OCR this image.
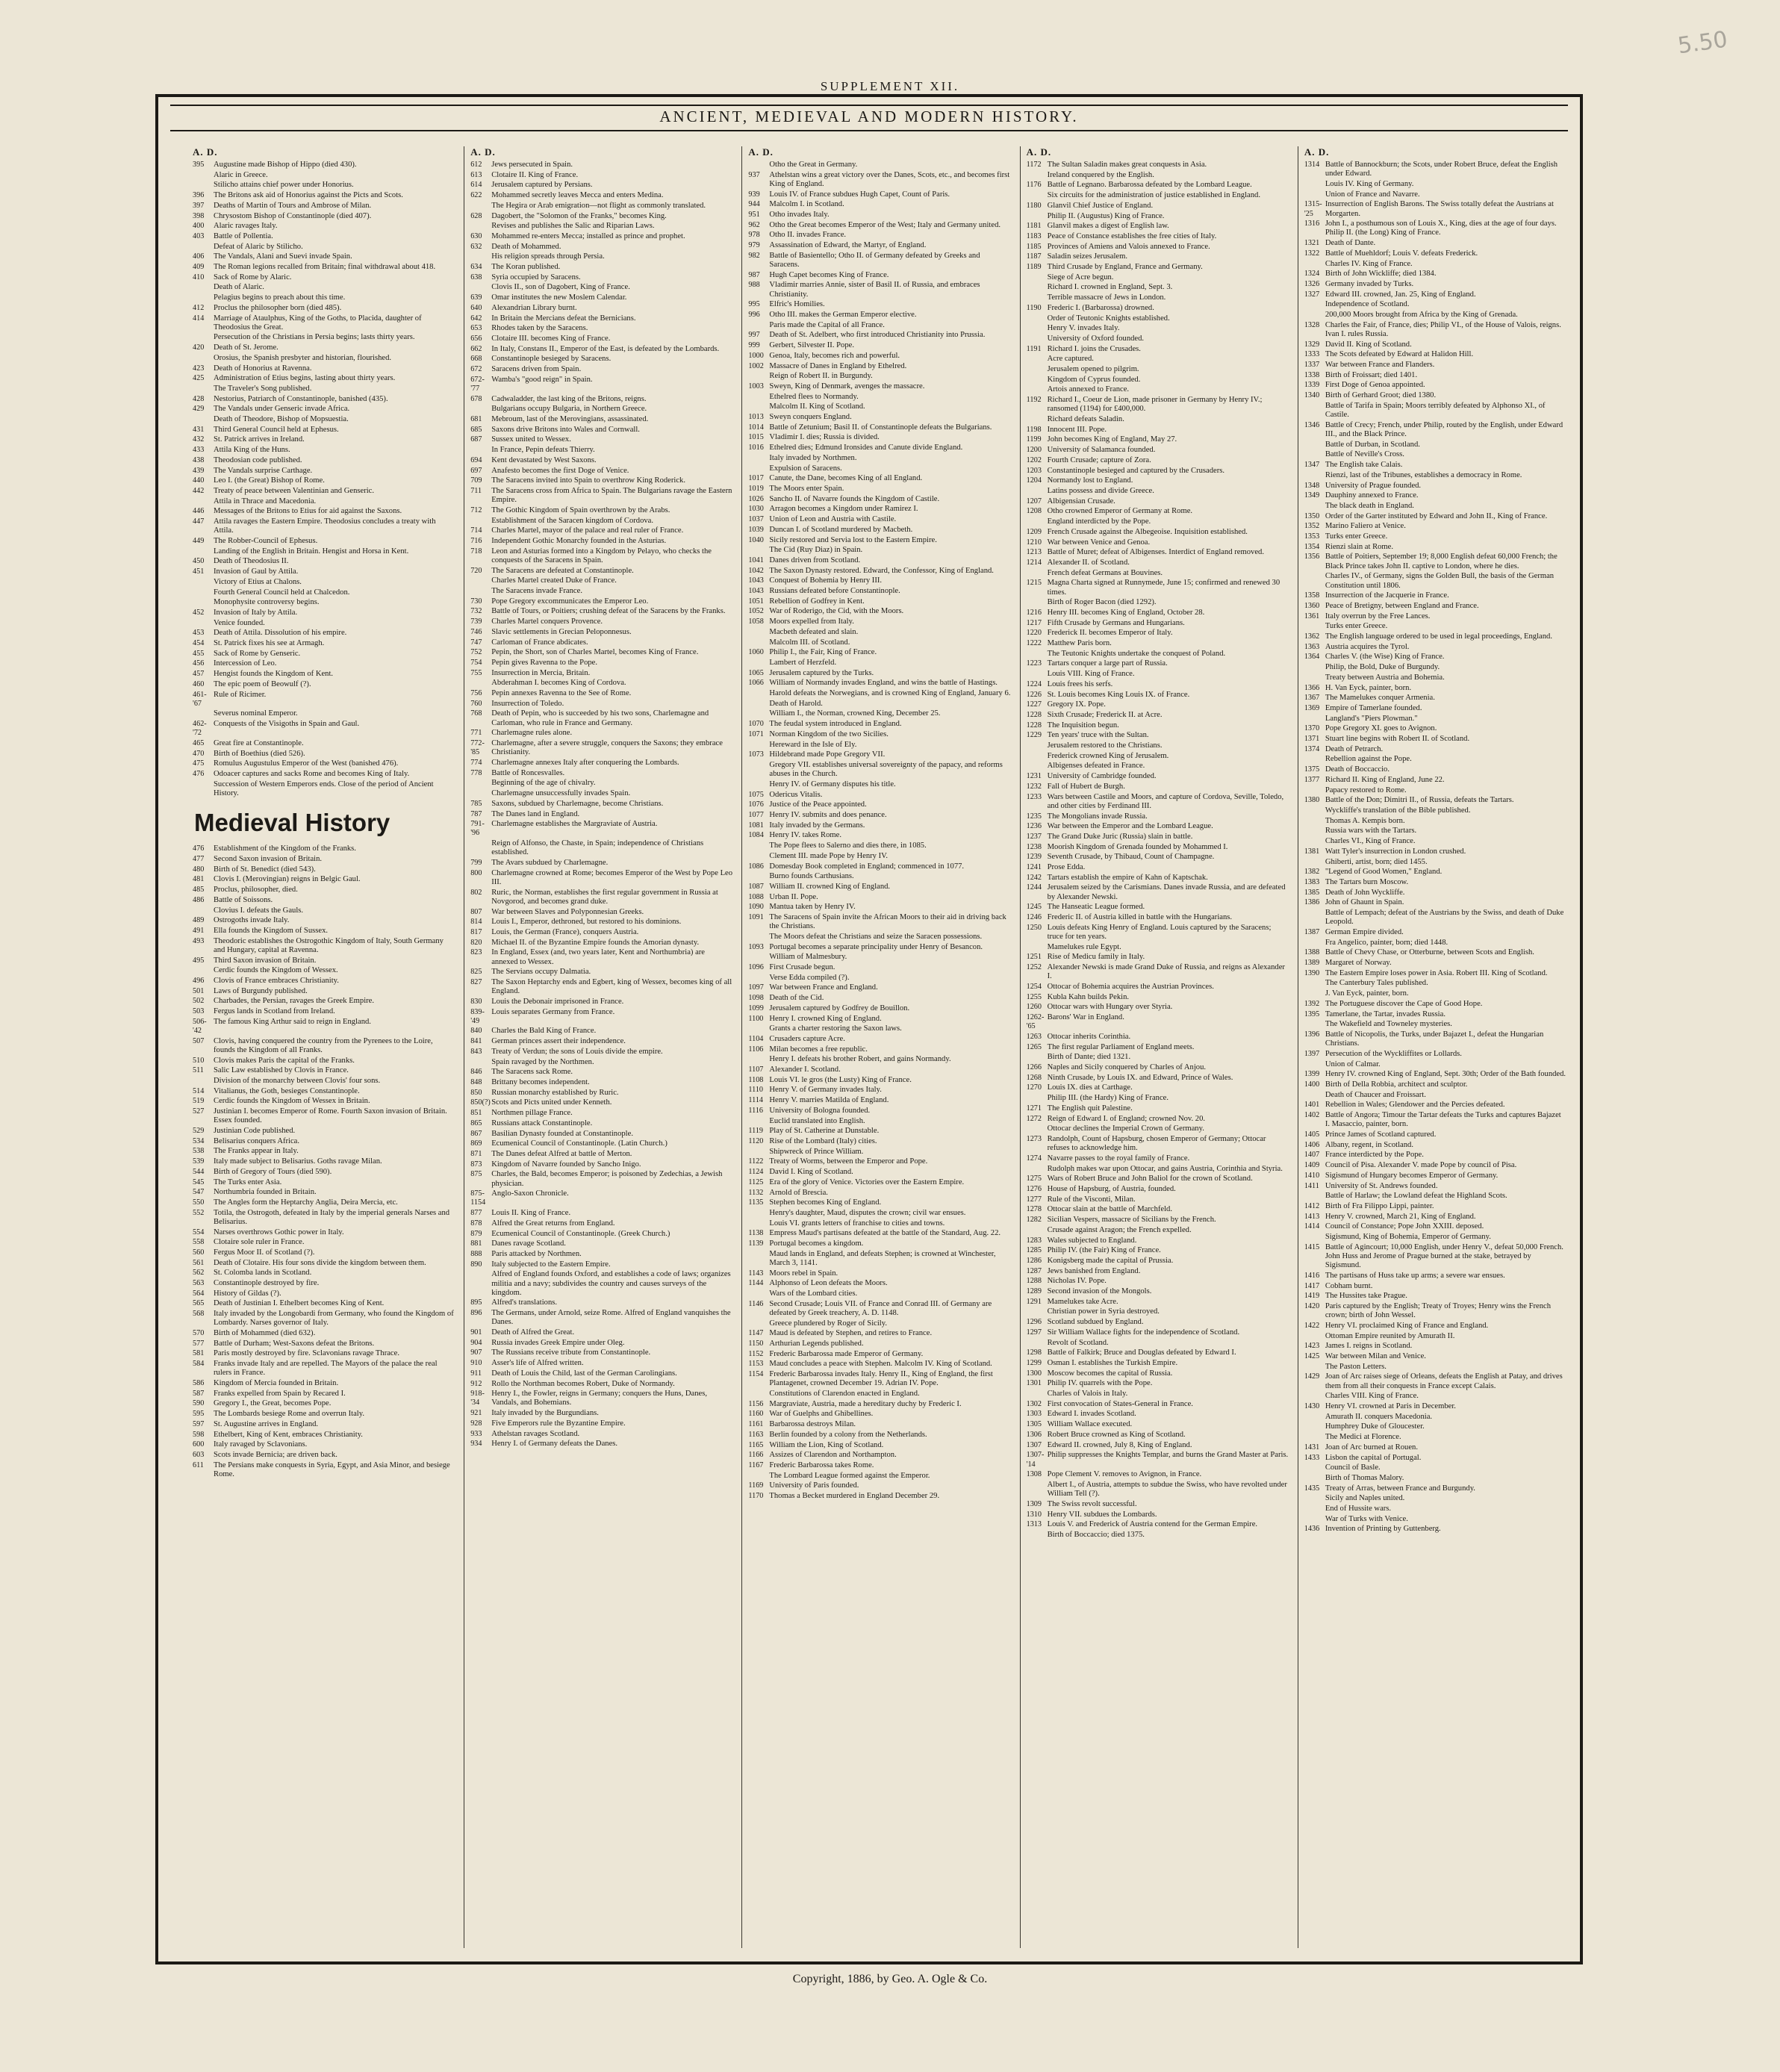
5.50
SUPPLEMENT XII.
ANCIENT, MEDIEVAL AND MODERN HISTORY.
A. D.
395	Augustine made Bishop of Hippo (died 430).
Alaric in Greece.
Stilicho attains chief power under Honorius.
396	The Britons ask aid of Honorius against the Picts and Scots.
397	Deaths of Martin of Tours and Ambrose of Milan.
398	Chrysostom Bishop of Constantinople (died 407).
400	Alaric ravages Italy.
403	Battle of Pollentia.
Defeat of Alaric by Stilicho.
406	The Vandals, Alani and Suevi invade Spain.
409	The Roman legions recalled from Britain; final withdrawal about 418.
410	Sack of Rome by Alaric.
Death of Alaric.
Pelagius begins to preach about this time.
412	Proclus the philosopher born (died 485).
414	Marriage of Ataulphus, King of the Goths, to Placida, daughter of Theodosius the Great.
Persecution of the Christians in Persia begins; lasts thirty years.
420	Death of St. Jerome.
Orosius, the Spanish presbyter and historian, flourished.
423	Death of Honorius at Ravenna.
425	Administration of Etius begins, lasting about thirty years.
The Traveler's Song published.
428	Nestorius, Patriarch of Constantinople, banished (435).
429	The Vandals under Genseric invade Africa.
Death of Theodore, Bishop of Mopsuestia.
431	Third General Council held at Ephesus.
432	St. Patrick arrives in Ireland.
433	Attila King of the Huns.
438	Theodosian code published.
439	The Vandals surprise Carthage.
440	Leo I. (the Great) Bishop of Rome.
442	Treaty of peace between Valentinian and Genseric.
Attila in Thrace and Macedonia.
446	Messages of the Britons to Etius for aid against the Saxons.
447	Attila ravages the Eastern Empire. Theodosius concludes a treaty with Attila.
449	The Robber-Council of Ephesus.
Landing of the English in Britain. Hengist and Horsa in Kent.
450	Death of Theodosius II.
451	Invasion of Gaul by Attila.
Victory of Etius at Chalons.
Fourth General Council held at Chalcedon.
Monophysite controversy begins.
452	Invasion of Italy by Attila.
Venice founded.
453	Death of Attila. Dissolution of his empire.
454	St. Patrick fixes his see at Armagh.
455	Sack of Rome by Genseric.
456	Intercession of Leo.
457	Hengist founds the Kingdom of Kent.
460	The epic poem of Beowulf (?).
461-'67
Rule of Ricimer.
Severus nominal Emperor.
462-'72
Conquests of the Visigoths in Spain and Gaul.
465	Great fire at Constantinople.
470	Birth of Boethius (died 526).
475	Romulus Augustulus Emperor of the West (banished 476).
476	Odoacer captures and sacks Rome and becomes King of Italy.
Succession of Western Emperors ends. Close of the period of Ancient History.
Medieval History
476	Establishment of the Kingdom of the Franks.
477	Second Saxon invasion of Britain.
480	Birth of St. Benedict (died 543).
481	Clovis I. (Merovingian) reigns in Belgic Gaul.
485	Proclus, philosopher, died.
486	Battle of Soissons.
Clovius I. defeats the Gauls.
489	Ostrogoths invade Italy.
491	Ella founds the Kingdom of Sussex.
493	Theodoric establishes the Ostrogothic Kingdom of Italy, South Germany and Hungary, capital at Ravenna.
495	Third Saxon invasion of Britain.
Cerdic founds the Kingdom of Wessex.
496	Clovis of France embraces Christianity.
501	Laws of Burgundy published.
502	Charbades, the Persian, ravages the Greek Empire.
503	Fergus lands in Scotland from Ireland.
506-'42
The famous King Arthur said to reign in England.
507	Clovis, having conquered the country from the Pyrenees to the Loire, founds the Kingdom of all Franks.
510	Clovis makes Paris the capital of the Franks.
511	Salic Law established by Clovis in France.
Division of the monarchy between Clovis' four sons.
514	Vitalianus, the Goth, besieges Constantinople.
519	Cerdic founds the Kingdom of Wessex in Britain.
527	Justinian I. becomes Emperor of Rome. Fourth Saxon invasion of Britain. Essex founded.
529	Justinian Code published.
534	Belisarius conquers Africa.
538	The Franks appear in Italy.
539	Italy made subject to Belisarius. Goths ravage Milan.
544	Birth of Gregory of Tours (died 590).
545	The Turks enter Asia.
547	Northumbria founded in Britain.
550	The Angles form the Heptarchy Anglia, Deira Mercia, etc.
552	Totila, the Ostrogoth, defeated in Italy by the imperial generals Narses and Belisarius.
554	Narses overthrows Gothic power in Italy.
558	Clotaire sole ruler in France.
560	Fergus Moor II. of Scotland (?).
561	Death of Clotaire. His four sons divide the kingdom between them.
562	St. Colomba lands in Scotland.
563	Constantinople destroyed by fire.
564	History of Gildas (?).
565	Death of Justinian I. Ethelbert becomes King of Kent.
568	Italy invaded by the Longobardi from Germany, who found the Kingdom of Lombardy. Narses governor of Italy.
570	Birth of Mohammed (died 632).
577	Battle of Durham; West-Saxons defeat the Britons.
581	Paris mostly destroyed by fire. Sclavonians ravage Thrace.
584	Franks invade Italy and are repelled. The Mayors of the palace the real rulers in France.
586	Kingdom of Mercia founded in Britain.
587	Franks expelled from Spain by Recared I.
590	Gregory I., the Great, becomes Pope.
595	The Lombards besiege Rome and overrun Italy.
597	St. Augustine arrives in England.
598	Ethelbert, King of Kent, embraces Christianity.
600	Italy ravaged by Sclavonians.
603	Scots invade Bernicia; are driven back.
611	The Persians make conquests in Syria, Egypt, and Asia Minor, and besiege Rome.
A. D.
612	Jews persecuted in Spain.
613	Clotaire II. King of France.
614	Jerusalem captured by Persians.
622	Mohammed secretly leaves Mecca and enters Medina.
The Hegira or Arab emigration—not flight as commonly translated.
628	Dagobert, the "Solomon of the Franks," becomes King.
Revises and publishes the Salic and Riparian Laws.
630	Mohammed re-enters Mecca; installed as prince and prophet.
632	Death of Mohammed.
His religion spreads through Persia.
634	The Koran published.
638	Syria occupied by Saracens.
Clovis II., son of Dagobert, King of France.
639	Omar institutes the new Moslem Calendar.
640	Alexandrian Library burnt.
642	In Britain the Mercians defeat the Bernicians.
653	Rhodes taken by the Saracens.
656	Clotaire III. becomes King of France.
662	In Italy, Constans II., Emperor of the East, is defeated by the Lombards.
668	Constantinople besieged by Saracens.
672	Saracens driven from Spain.
672-'77
Wamba's "good reign" in Spain.
678	Cadwaladder, the last king of the Britons, reigns.
Bulgarians occupy Bulgaria, in Northern Greece.
681	Mebroum, last of the Merovingians, assassinated.
685	Saxons drive Britons into Wales and Cornwall.
687	Sussex united to Wessex.
In France, Pepin defeats Thierry.
694	Kent devastated by West Saxons.
697	Anafesto becomes the first Doge of Venice.
709	The Saracens invited into Spain to overthrow King Roderick.
711	The Saracens cross from Africa to Spain. The Bulgarians ravage the Eastern Empire.
712	The Gothic Kingdom of Spain overthrown by the Arabs.
Establishment of the Saracen kingdom of Cordova.
714	Charles Martel, mayor of the palace and real ruler of France.
716	Independent Gothic Monarchy founded in the Asturias.
718	Leon and Asturias formed into a Kingdom by Pelayo, who checks the conquests of the Saracens in Spain.
720	The Saracens are defeated at Constantinople.
Charles Martel created Duke of France.
The Saracens invade France.
730	Pope Gregory excommunicates the Emperor Leo.
732	Battle of Tours, or Poitiers; crushing defeat of the Saracens by the Franks.
739	Charles Martel conquers Provence.
746	Slavic settlements in Grecian Peloponnesus.
747	Carloman of France abdicates.
752	Pepin, the Short, son of Charles Martel, becomes King of France.
754	Pepin gives Ravenna to the Pope.
755	Insurrection in Mercia, Britain.
Abderahman I. becomes King of Cordova.
756	Pepin annexes Ravenna to the See of Rome.
760	Insurrection of Toledo.
768	Death of Pepin, who is succeeded by his two sons, Charlemagne and Carloman, who rule in France and Germany.
771	Charlemagne rules alone.
772-'85
Charlemagne, after a severe struggle, conquers the Saxons; they embrace Christianity.
774	Charlemagne annexes Italy after conquering the Lombards.
778	Battle of Roncesvalles.
Beginning of the age of chivalry.
Charlemagne unsuccessfully invades Spain.
785	Saxons, subdued by Charlemagne, become Christians.
787	The Danes land in England.
791-'96
Charlemagne establishes the Margraviate of Austria.
Reign of Alfonso, the Chaste, in Spain; independence of Christians established.
799	The Avars subdued by Charlemagne.
800	Charlemagne crowned at Rome; becomes Emperor of the West by Pope Leo III.
802	Ruric, the Norman, establishes the first regular government in Russia at Novgorod, and becomes grand duke.
807	War between Slaves and Polyponnesian Greeks.
814	Louis I., Emperor, dethroned, but restored to his dominions.
817	Louis, the German (France), conquers Austria.
820	Michael II. of the Byzantine Empire founds the Amorian dynasty.
823	In England, Essex (and, two years later, Kent and Northumbria) are annexed to Wessex.
825	The Servians occupy Dalmatia.
827	The Saxon Heptarchy ends and Egbert, king of Wessex, becomes king of all England.
830	Louis the Debonair imprisoned in France.
839-'49
Louis separates Germany from France.
840	Charles the Bald King of France.
841	German princes assert their independence.
843	Treaty of Verdun; the sons of Louis divide the empire.
Spain ravaged by the Northmen.
846	The Saracens sack Rome.
848	Brittany becomes independent.
850	Russian monarchy established by Ruric.
850(?) Scots and Picts united under Kenneth.
851	Northmen pillage France.
865	Russians attack Constantinople.
867	Basilian Dynasty founded at Constantinople.
869	Ecumenical Council of Constantinople. (Latin Church.)
871	The Danes defeat Alfred at battle of Merton.
873	Kingdom of Navarre founded by Sancho Inigo.
875	Charles, the Bald, becomes Emperor; is poisoned by Zedechias, a Jewish physician.
875-1154
Anglo-Saxon Chronicle.
877	Louis II. King of France.
878	Alfred the Great returns from England.
879	Ecumenical Council of Constantinople. (Greek Church.)
881	Danes ravage Scotland.
888	Paris attacked by Northmen.
890	Italy subjected to the Eastern Empire.
Alfred of England founds Oxford, and establishes a code of laws; organizes militia and a navy; subdivides the country and causes surveys of the kingdom.
895	Alfred's translations.
896	The Germans, under Arnold, seize Rome. Alfred of England vanquishes the Danes.
901	Death of Alfred the Great.
904	Russia invades Greek Empire under Oleg.
907	The Russians receive tribute from Constantinople.
910	Asser's life of Alfred written.
911	Death of Louis the Child, last of the German Carolingians.
912	Rollo the Northman becomes Robert, Duke of Normandy.
918-'34
Henry I., the Fowler, reigns in Germany; conquers the Huns, Danes, Vandals, and Bohemians.
921	Italy invaded by the Burgundians.
928	Five Emperors rule the Byzantine Empire.
933	Athelstan ravages Scotland.
934	Henry I. of Germany defeats the Danes.
A. D.
Otho the Great in Germany.
937	Athelstan wins a great victory over the Danes, Scots, etc., and becomes first King of England.
939	Louis IV. of France subdues Hugh Capet, Count of Paris.
944	Malcolm I. in Scotland.
951	Otho invades Italy.
962	Otho the Great becomes Emperor of the West; Italy and Germany united.
978	Otho II. invades France.
979	Assassination of Edward, the Martyr, of England.
982	Battle of Basientello; Otho II. of Germany defeated by Greeks and Saracens.
987	Hugh Capet becomes King of France.
988	Vladimir marries Annie, sister of Basil II. of Russia, and embraces Christianity.
995	Elfric's Homilies.
996	Otho III. makes the German Emperor elective.
Paris made the Capital of all France.
997	Death of St. Adelbert, who first introduced Christianity into Prussia.
999	Gerbert, Silvester II. Pope.
1000 Genoa, Italy, becomes rich and powerful.
1002 Massacre of Danes in England by Ethelred.
Reign of Robert II. in Burgundy.
1003 Sweyn, King of Denmark, avenges the massacre.
Ethelred flees to Normandy.
Malcolm II. King of Scotland.
1013 Sweyn conquers England.
1014 Battle of Zetunium; Basil II. of Constantinople defeats the Bulgarians.
1015 Vladimir I. dies; Russia is divided.
1016 Ethelred dies; Edmund Ironsides and Canute divide England.
Italy invaded by Northmen.
Expulsion of Saracens.
1017 Canute, the Dane, becomes King of all England.
1019 The Moors enter Spain.
1026 Sancho II. of Navarre founds the Kingdom of Castile.
1030 Arragon becomes a Kingdom under Ramirez I.
1037 Union of Leon and Austria with Castile.
1039 Duncan I. of Scotland murdered by Macbeth.
1040 Sicily restored and Servia lost to the Eastern Empire.
The Cid (Ruy Diaz) in Spain.
1041 Danes driven from Scotland.
1042 The Saxon Dynasty restored. Edward, the Confessor, King of England.
1043 Conquest of Bohemia by Henry III.
1043 Russians defeated before Constantinople.
1051 Rebellion of Godfrey in Kent.
1052 War of Roderigo, the Cid, with the Moors.
1058 Moors expelled from Italy.
Macbeth defeated and slain.
Malcolm III. of Scotland.
1060 Philip I., the Fair, King of France.
Lambert of Herzfeld.
1065 Jerusalem captured by the Turks.
1066 William of Normandy invades England, and wins the battle of Hastings.
Harold defeats the Norwegians, and is crowned King of England, January 6.
Death of Harold.
William I., the Norman, crowned King, December 25.
1070 The feudal system introduced in England.
1071 Norman Kingdom of the two Sicilies.
Hereward in the Isle of Ely.
1073 Hildebrand made Pope Gregory VII.
Gregory VII. establishes universal sovereignty of the papacy, and reforms abuses in the Church.
Henry IV. of Germany disputes his title.
1075 Odericus Vitalis.
1076 Justice of the Peace appointed.
1077 Henry IV. submits and does penance.
1081 Italy invaded by the Germans.
1084 Henry IV. takes Rome.
The Pope flees to Salerno and dies there, in 1085.
Clement III. made Pope by Henry IV.
1086 Domesday Book completed in England; commenced in 1077.
Burno founds Carthusians.
1087 William II. crowned King of England.
1088 Urban II. Pope.
1090 Mantua taken by Henry IV.
1091 The Saracens of Spain invite the African Moors to their aid in driving back the Christians.
The Moors defeat the Christians and seize the Saracen possessions.
1093 Portugal becomes a separate principality under Henry of Besancon.
William of Malmesbury.
1096 First Crusade begun.
Verse Edda compiled (?).
1097 War between France and England.
1098 Death of the Cid.
1099 Jerusalem captured by Godfrey de Bouillon.
1100 Henry I. crowned King of England.
Grants a charter restoring the Saxon laws.
1104 Crusaders capture Acre.
1106 Milan becomes a free republic.
Henry I. defeats his brother Robert, and gains Normandy.
1107 Alexander I. Scotland.
1108 Louis VI. le gros (the Lusty) King of France.
1110 Henry V. of Germany invades Italy.
1114 Henry V. marries Matilda of England.
1116 University of Bologna founded.
Euclid translated into English.
1119 Play of St. Catherine at Dunstable.
1120 Rise of the Lombard (Italy) cities.
Shipwreck of Prince William.
1122 Treaty of Worms, between the Emperor and Pope.
1124 David I. King of Scotland.
1125 Era of the glory of Venice. Victories over the Eastern Empire.
1132 Arnold of Brescia.
1135 Stephen becomes King of England.
Henry's daughter, Maud, disputes the crown; civil war ensues.
Louis VI. grants letters of franchise to cities and towns.
1138 Empress Maud's partisans defeated at the battle of the Standard, Aug. 22.
1139 Portugal becomes a kingdom.
Maud lands in England, and defeats Stephen; is crowned at Winchester, March 3, 1141.
1143 Moors rebel in Spain.
1144 Alphonso of Leon defeats the Moors.
Wars of the Lombard cities.
1146 Second Crusade; Louis VII. of France and Conrad III. of Germany are defeated by Greek treachery, A. D. 1148.
Greece plundered by Roger of Sicily.
1147 Maud is defeated by Stephen, and retires to France.
1150 Arthurian Legends published.
1152 Frederic Barbarossa made Emperor of Germany.
1153 Maud concludes a peace with Stephen. Malcolm IV. King of Scotland.
1154 Frederic Barbarossa invades Italy. Henry II., King of England, the first Plantagenet, crowned December 19. Adrian IV. Pope.
Constitutions of Clarendon enacted in England.
1156 Margraviate, Austria, made a hereditary duchy by Frederic I.
1160 War of Guelphs and Ghibellines.
1161 Barbarossa destroys Milan.
1163 Berlin founded by a colony from the Netherlands.
1165 William the Lion, King of Scotland.
1166 Assizes of Clarendon and Northampton.
1167 Frederic Barbarossa takes Rome.
The Lombard League formed against the Emperor.
1169 University of Paris founded.
1170 Thomas a Becket murdered in England December 29.
A. D.
1172 The Sultan Saladin makes great conquests in Asia.
Ireland conquered by the English.
1176 Battle of Legnano. Barbarossa defeated by the Lombard League.
Six circuits for the administration of justice established in England.
1180 Glanvil Chief Justice of England.
Philip II. (Augustus) King of France.
1181 Glanvil makes a digest of English law.
1183 Peace of Constance establishes the free cities of Italy.
1185 Provinces of Amiens and Valois annexed to France.
1187 Saladin seizes Jerusalem.
1189 Third Crusade by England, France and Germany.
Siege of Acre begun.
Richard I. crowned in England, Sept. 3.
Terrible massacre of Jews in London.
1190 Frederic I. (Barbarossa) drowned.
Order of Teutonic Knights established.
Henry V. invades Italy.
University of Oxford founded.
1191 Richard I. joins the Crusades.
Acre captured.
Jerusalem opened to pilgrim.
Kingdom of Cyprus founded.
Artois annexed to France.
1192 Richard I., Coeur de Lion, made prisoner in Germany by Henry IV.; ransomed (1194) for £400,000.
Richard defeats Saladin.
1198 Innocent III. Pope.
1199 John becomes King of England, May 27.
1200 University of Salamanca founded.
1202 Fourth Crusade; capture of Zora.
1203 Constantinople besieged and captured by the Crusaders.
1204 Normandy lost to England.
Latins possess and divide Greece.
1207 Albigensian Crusade.
1208 Otho crowned Emperor of Germany at Rome.
England interdicted by the Pope.
1209 French Crusade against the Albegeoise. Inquisition established.
1210 War between Venice and Genoa.
1213 Battle of Muret; defeat of Albigenses. Interdict of England removed.
1214 Alexander II. of Scotland.
French defeat Germans at Bouvines.
1215 Magna Charta signed at Runnymede, June 15; confirmed and renewed 30 times.
Birth of Roger Bacon (died 1292).
1216 Henry III. becomes King of England, October 28.
1217 Fifth Crusade by Germans and Hungarians.
1220 Frederick II. becomes Emperor of Italy.
1222 Matthew Paris born.
The Teutonic Knights undertake the conquest of Poland.
1223 Tartars conquer a large part of Russia.
Louis VIII. King of France.
1224 Louis frees his serfs.
1226 St. Louis becomes King Louis IX. of France.
1227 Gregory IX. Pope.
1228 Sixth Crusade; Frederick II. at Acre.
1228 The Inquisition begun.
1229 Ten years' truce with the Sultan.
Jerusalem restored to the Christians.
Frederick crowned King of Jerusalem.
Albigenses defeated in France.
1231 University of Cambridge founded.
1232 Fall of Hubert de Burgh.
1233 Wars between Castile and Moors, and capture of Cordova, Seville, Toledo, and other cities by Ferdinand III.
1235 The Mongolians invade Russia.
1236 War between the Emperor and the Lombard League.
1237 The Grand Duke Juric (Russia) slain in battle.
1238 Moorish Kingdom of Grenada founded by Mohammed I.
1239 Seventh Crusade, by Thibaud, Count of Champagne.
1241 Prose Edda.
1242 Tartars establish the empire of Kahn of Kaptschak.
1244 Jerusalem seized by the Carismians. Danes invade Russia, and are defeated by Alexander Newski.
1245 The Hanseatic League formed.
1246 Frederic II. of Austria killed in battle with the Hungarians.
1250 Louis defeats King Henry of England. Louis captured by the Saracens; truce for ten years.
Mamelukes rule Egypt.
1251 Rise of Medicu family in Italy.
1252 Alexander Newski is made Grand Duke of Russia, and reigns as Alexander I.
1254 Ottocar of Bohemia acquires the Austrian Provinces.
1255 Kubla Kahn builds Pekin.
1260 Ottocar wars with Hungary over Styria.
1262-'65
Barons' War in England.
1263 Ottocar inherits Corinthia.
1265 The first regular Parliament of England meets.
Birth of Dante; died 1321.
1266 Naples and Sicily conquered by Charles of Anjou.
1268 Ninth Crusade, by Louis IX. and Edward, Prince of Wales.
1270 Louis IX. dies at Carthage.
Philip III. (the Hardy) King of France.
1271 The English quit Palestine.
1272 Reign of Edward I. of England; crowned Nov. 20.
Ottocar declines the Imperial Crown of Germany.
1273 Randolph, Count of Hapsburg, chosen Emperor of Germany; Ottocar refuses to acknowledge him.
1274 Navarre passes to the royal family of France.
Rudolph makes war upon Ottocar, and gains Austria, Corinthia and Styria.
1275 Wars of Robert Bruce and John Baliol for the crown of Scotland.
1276 House of Hapsburg, of Austria, founded.
1277 Rule of the Visconti, Milan.
1278 Ottocar slain at the battle of Marchfeld.
1282 Sicilian Vespers, massacre of Sicilians by the French.
Crusade against Aragon; the French expelled.
1283 Wales subjected to England.
1285 Philip IV. (the Fair) King of France.
1286 Konigsberg made the capital of Prussia.
1287 Jews banished from England.
1288 Nicholas IV. Pope.
1289 Second invasion of the Mongols.
1291 Mamelukes take Acre.
Christian power in Syria destroyed.
1296 Scotland subdued by England.
1297 Sir William Wallace fights for the independence of Scotland.
Revolt of Scotland.
1298 Battle of Falkirk; Bruce and Douglas defeated by Edward I.
1299 Osman I. establishes the Turkish Empire.
1300 Moscow becomes the capital of Russia.
1301 Philip IV. quarrels with the Pope.
Charles of Valois in Italy.
1302 First convocation of States-General in France.
1303 Edward I. invades Scotland.
1305 William Wallace executed.
1306 Robert Bruce crowned as King of Scotland.
1307 Edward II. crowned, July 8, King of England.
1307-'14
Philip suppresses the Knights Templar, and burns the Grand Master at Paris.
1308 Pope Clement V. removes to Avignon, in France.
Albert I., of Austria, attempts to subdue the Swiss, who have revolted under William Tell (?).
1309 The Swiss revolt successful.
1310 Henry VII. subdues the Lombards.
1313 Louis V. and Frederick of Austria contend for the German Empire.
Birth of Boccaccio; died 1375.
A. D.
1314 Battle of Bannockburn; the Scots, under Robert Bruce, defeat the English under Edward.
Louis IV. King of Germany.
Union of France and Navarre.
1315-'25
Insurrection of English Barons. The Swiss totally defeat the Austrians at Morgarten.
1316 John I., a posthumous son of Louis X., King, dies at the age of four days. Philip II. (the Long) King of France.
1321 Death of Dante.
1322 Battle of Muehldorf; Louis V. defeats Frederick.
Charles IV. King of France.
1324 Birth of John Wickliffe; died 1384.
1326 Germany invaded by Turks.
1327 Edward III. crowned, Jan. 25, King of England.
Independence of Scotland.
200,000 Moors brought from Africa by the King of Grenada.
1328 Charles the Fair, of France, dies; Philip VI., of the House of Valois, reigns. Ivan I. rules Russia.
1329 David II. King of Scotland.
1333 The Scots defeated by Edward at Halidon Hill.
1337 War between France and Flanders.
1338 Birth of Froissart; died 1401.
1339 First Doge of Genoa appointed.
1340 Birth of Gerhard Groot; died 1380.
Battle of Tarifa in Spain; Moors terribly defeated by Alphonso XI., of Castile.
1346 Battle of Crecy; French, under Philip, routed by the English, under Edward III., and the Black Prince.
Battle of Durban, in Scotland.
Battle of Neville's Cross.
1347 The English take Calais.
Rienzi, last of the Tribunes, establishes a democracy in Rome.
1348 University of Prague founded.
1349 Dauphiny annexed to France.
The black death in England.
1350 Order of the Garter instituted by Edward and John II., King of France.
1352 Marino Faliero at Venice.
1353 Turks enter Greece.
1354 Rienzi slain at Rome.
1356 Battle of Poitiers, September 19; 8,000 English defeat 60,000 French; the Black Prince takes John II. captive to London, where he dies.
Charles IV., of Germany, signs the Golden Bull, the basis of the German Constitution until 1806.
1358 Insurrection of the Jacquerie in France.
1360 Peace of Bretigny, between England and France.
1361 Italy overrun by the Free Lances.
Turks enter Greece.
1362 The English language ordered to be used in legal proceedings, England.
1363 Austria acquires the Tyrol.
1364 Charles V. (the Wise) King of France.
Philip, the Bold, Duke of Burgundy.
Treaty between Austria and Bohemia.
1366 H. Van Eyck, painter, born.
1367 The Mamelukes conquer Armenia.
1369 Empire of Tamerlane founded.
Langland's "Piers Plowman."
1370 Pope Gregory XI. goes to Avignon.
1371 Stuart line begins with Robert II. of Scotland.
1374 Death of Petrarch.
Rebellion against the Pope.
1375 Death of Boccaccio.
1377 Richard II. King of England, June 22.
Papacy restored to Rome.
1380 Battle of the Don; Dimitri II., of Russia, defeats the Tartars.
Wyckliffe's translation of the Bible published.
Thomas A. Kempis born.
Russia wars with the Tartars.
Charles VI., King of France.
1381 Watt Tyler's insurrection in London crushed.
Ghiberti, artist, born; died 1455.
1382 "Legend of Good Women," England.
1383 The Tartars burn Moscow.
1385 Death of John Wyckliffe.
1386 John of Ghaunt in Spain.
Battle of Lempach; defeat of the Austrians by the Swiss, and death of Duke Leopold.
1387 German Empire divided.
Fra Angelico, painter, born; died 1448.
1388 Battle of Chevy Chase, or Otterburne, between Scots and English.
1389 Margaret of Norway.
1390 The Eastern Empire loses power in Asia. Robert III. King of Scotland.
The Canterbury Tales published.
J. Van Eyck, painter, born.
1392 The Portuguese discover the Cape of Good Hope.
1395 Tamerlane, the Tartar, invades Russia.
The Wakefield and Towneley mysteries.
1396 Battle of Nicopolis, the Turks, under Bajazet I., defeat the Hungarian Christians.
1397 Persecution of the Wyckliffites or Lollards.
Union of Calmar.
1399 Henry IV. crowned King of England, Sept. 30th; Order of the Bath founded.
1400 Birth of Della Robbia, architect and sculptor.
Death of Chaucer and Froissart.
1401 Rebellion in Wales; Glendower and the Percies defeated.
1402 Battle of Angora; Timour the Tartar defeats the Turks and captures Bajazet I. Masaccio, painter, born.
1405 Prince James of Scotland captured.
1406 Albany, regent, in Scotland.
1407 France interdicted by the Pope.
1409 Council of Pisa. Alexander V. made Pope by council of Pisa.
1410 Sigismund of Hungary becomes Emperor of Germany.
1411 University of St. Andrews founded.
Battle of Harlaw; the Lowland defeat the Highland Scots.
1412 Birth of Fra Filippo Lippi, painter.
1413 Henry V. crowned, March 21, King of England.
1414 Council of Constance; Pope John XXIII. deposed.
Sigismund, King of Bohemia, Emperor of Germany.
1415 Battle of Agincourt; 10,000 English, under Henry V., defeat 50,000 French. John Huss and Jerome of Prague burned at the stake, betrayed by Sigismund.
1416 The partisans of Huss take up arms; a severe war ensues.
1417 Cobham burnt.
1419 The Hussites take Prague.
1420 Paris captured by the English; Treaty of Troyes; Henry wins the French crown; birth of John Wessel.
1422 Henry VI. proclaimed King of France and England.
Ottoman Empire reunited by Amurath II.
1423 James I. reigns in Scotland.
1425 War between Milan and Venice.
The Paston Letters.
1429 Joan of Arc raises siege of Orleans, defeats the English at Patay, and drives them from all their conquests in France except Calais.
Charles VIII. King of France.
1430 Henry VI. crowned at Paris in December.
Amurath II. conquers Macedonia.
Humphrey Duke of Gloucester.
The Medici at Florence.
1431 Joan of Arc burned at Rouen.
1433 Lisbon the capital of Portugal.
Council of Basle.
Birth of Thomas Malory.
1435 Treaty of Arras, between France and Burgundy.
Sicily and Naples united.
End of Hussite wars.
War of Turks with Venice.
1436 Invention of Printing by Guttenberg.
Copyright, 1886, by Geo. A. Ogle & Co.
